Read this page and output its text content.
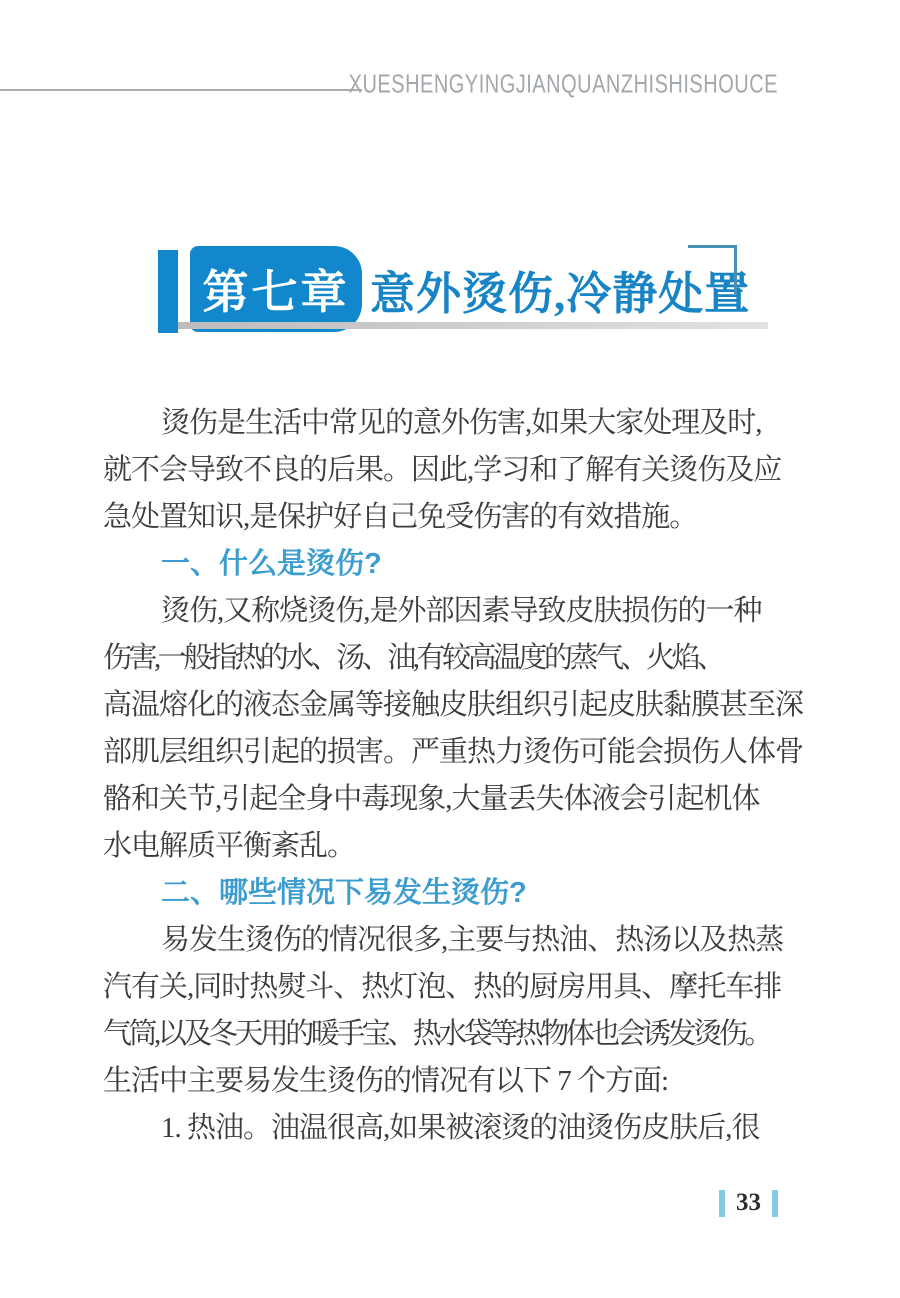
XUESHENGYINGJIANQUANZHISHISHOUCE
第七章 意外烫伤,冷静处置

烫伤是生活中常见的意外伤害,如果大家处理及时,

就不会导致不良的后果。因此,学习和了解有关烫伤及应

急处置知识,是保护好自己免受伤害的有效措施。

一、什么是烫伤?

烫伤,又称烧烫伤,是外部因素导致皮肤损伤的一种

伤害,一般指热的水、汤、油,有较高温度的蒸气、火焰、

高温熔化的液态金属等接触皮肤组织引起皮肤黏膜甚至深

部肌层组织引起的损害。严重热力烫伤可能会损伤人体骨

骼和关节,引起全身中毒现象,大量丢失体液会引起机体

水电解质平衡紊乱。

二、哪些情况下易发生烫伤?

易发生烫伤的情况很多,主要与热油、热汤以及热蒸

汽有关,同时热熨斗、热灯泡、热的厨房用具、摩托车排

气筒,以及冬天用的暖手宝、热水袋等热物体也会诱发烫伤。

生活中主要易发生烫伤的情况有以下 7 个方面:

1. 热油。油温很高,如果被滚烫的油烫伤皮肤后,很

33
